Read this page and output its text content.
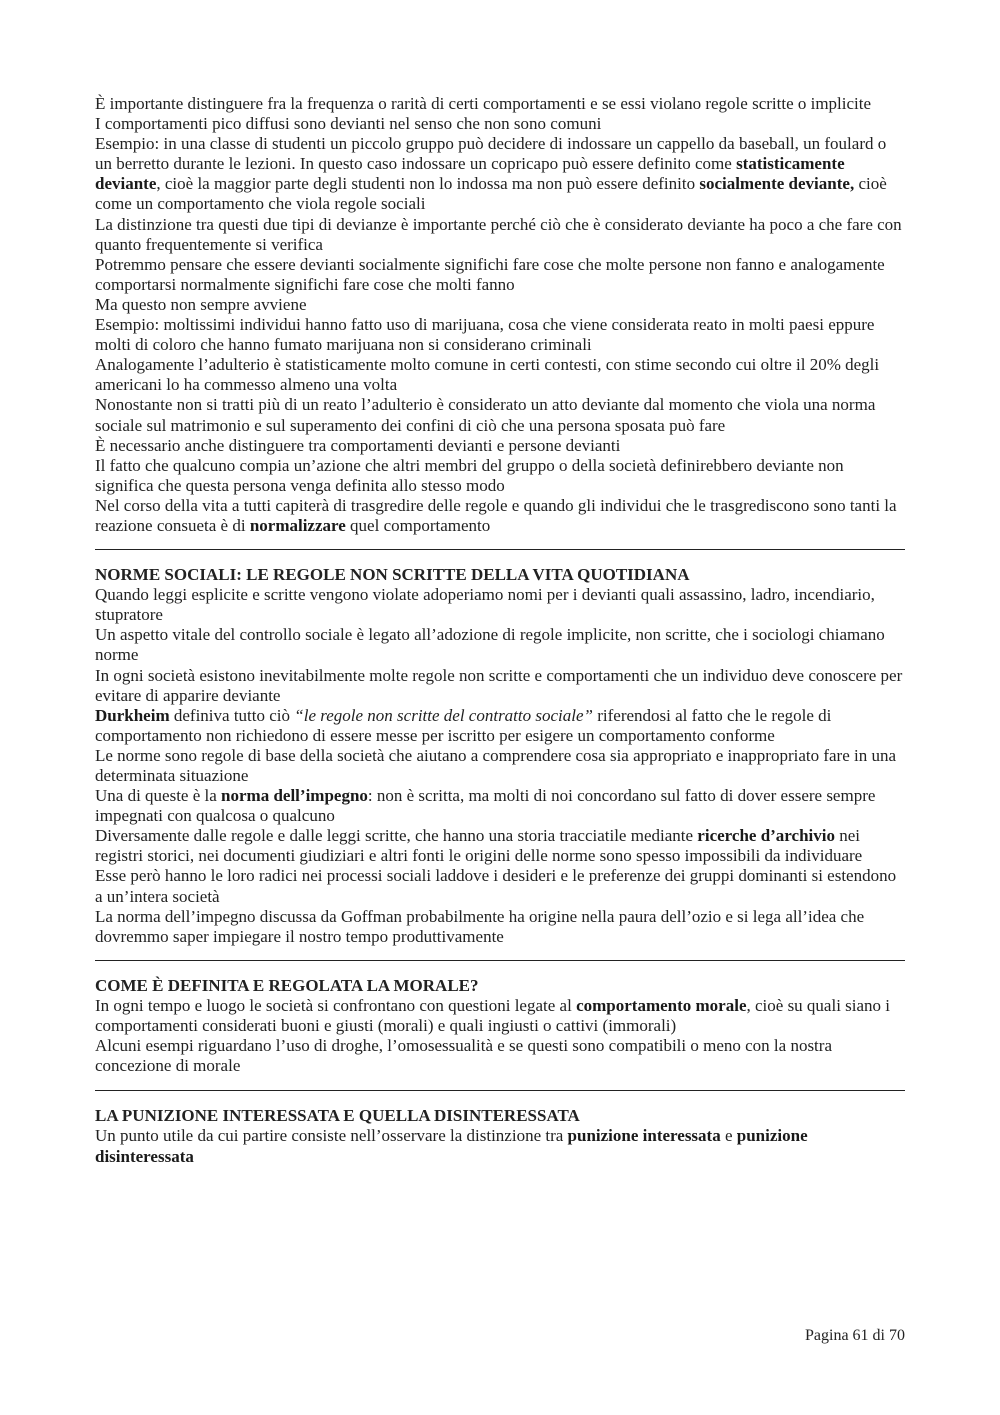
È importante distinguere fra la frequenza o rarità di certi comportamenti e se essi violano regole scritte o implicite

I comportamenti pico diffusi sono devianti nel senso che non sono comuni

Esempio: in una classe di studenti un piccolo gruppo può decidere di indossare un cappello da baseball, un foulard o un berretto durante le lezioni. In questo caso indossare un copricapo può essere definito come statisticamente deviante, cioè la maggior parte degli studenti non lo indossa ma non può essere definito socialmente deviante, cioè come un comportamento che viola regole sociali

La distinzione tra questi due tipi di devianze è importante perché ciò che è considerato deviante ha poco a che fare con quanto frequentemente si verifica

Potremmo pensare che essere devianti socialmente significhi fare cose che molte persone non fanno e analogamente comportarsi normalmente significhi fare cose che molti fanno

Ma questo non sempre avviene

Esempio: moltissimi individui hanno fatto uso di marijuana, cosa che viene considerata reato in molti paesi eppure molti di coloro che hanno fumato marijuana non si considerano criminali

Analogamente l’adulterio è statisticamente molto comune in certi contesti, con stime secondo cui oltre il 20% degli americani lo ha commesso almeno una volta

Nonostante non si tratti più di un reato l’adulterio è considerato un atto deviante dal momento che viola una norma sociale sul matrimonio e sul superamento dei confini di ciò che una persona sposata può fare

È necessario anche distinguere tra comportamenti devianti e persone devianti

Il fatto che qualcuno compia un’azione che altri membri del gruppo o della società definirebbero deviante non significa che questa persona venga definita allo stesso modo

Nel corso della vita a tutti capiterà di trasgredire delle regole e quando gli individui che le trasgrediscono sono tanti la reazione consueta è di normalizzare quel comportamento

NORME SOCIALI: LE REGOLE NON SCRITTE DELLA VITA QUOTIDIANA

Quando leggi esplicite e scritte vengono violate adoperiamo nomi per i devianti quali assassino, ladro, incendiario, stupratore

Un aspetto vitale del controllo sociale è legato all’adozione di regole implicite, non scritte, che i sociologi chiamano norme

In ogni società esistono inevitabilmente molte regole non scritte e comportamenti che un individuo deve conoscere per evitare di apparire deviante

Durkheim definiva tutto ciò “le regole non scritte del contratto sociale” riferendosi al fatto che le regole di comportamento non richiedono di essere messe per iscritto per esigere un comportamento conforme

Le norme sono regole di base della società che aiutano a comprendere cosa sia appropriato e inappropriato fare in una determinata situazione

Una di queste è la norma dell’impegno: non è scritta, ma molti di noi concordano sul fatto di dover essere sempre impegnati con qualcosa o qualcuno

Diversamente dalle regole e dalle leggi scritte, che hanno una storia tracciatile mediante ricerche d’archivio nei registri storici, nei documenti giudiziari e altri fonti le origini delle norme sono spesso impossibili da individuare

Esse però hanno le loro radici nei processi sociali laddove i desideri e le preferenze dei gruppi dominanti si estendono a un’intera società

La norma dell’impegno discussa da Goffman probabilmente ha origine nella paura dell’ozio e si lega all’idea che dovremmo saper impiegare il nostro tempo produttivamente

COME È DEFINITA E REGOLATA LA MORALE?

In ogni tempo e luogo le società si confrontano con questioni legate al comportamento morale, cioè su quali siano i comportamenti considerati buoni e giusti (morali) e quali ingiusti o cattivi (immorali)

Alcuni esempi riguardano l’uso di droghe, l’omosessualità e se questi sono compatibili o meno con la nostra concezione di morale

LA PUNIZIONE INTERESSATA E QUELLA DISINTERESSATA

Un punto utile da cui partire consiste nell’osservare la distinzione tra punizione interessata e punizione disinteressata

Pagina 61 di 70
